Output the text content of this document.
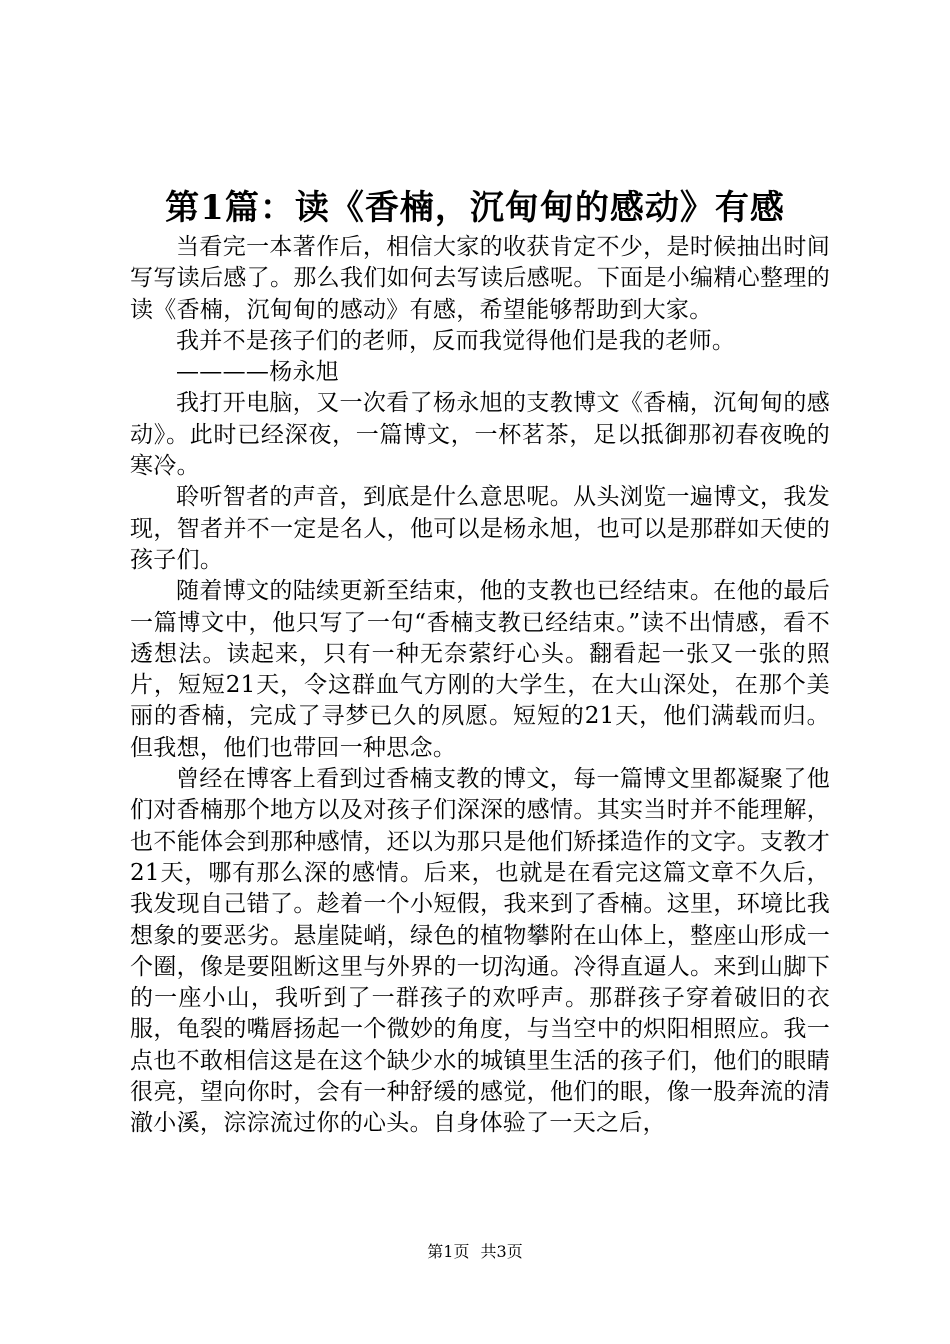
第1篇：读《香楠，沉甸甸的感动》有感

当看完一本著作后，相信大家的收获肯定不少，是时候抽出时间写写读后感了。那么我们如何去写读后感呢。下面是小编精心整理的读《香楠，沉甸甸的感动》有感，希望能够帮助到大家。

我并不是孩子们的老师，反而我觉得他们是我的老师。

————杨永旭

我打开电脑，又一次看了杨永旭的支教博文《香楠，沉甸甸的感动》。此时已经深夜，一篇博文，一杯茗茶，足以抵御那初春夜晚的寒冷。

聆听智者的声音，到底是什么意思呢。从头浏览一遍博文，我发现，智者并不一定是名人，他可以是杨永旭，也可以是那群如天使的孩子们。

随着博文的陆续更新至结束，他的支教也已经结束。在他的最后一篇博文中，他只写了一句“香楠支教已经结束。”读不出情感，看不透想法。读起来，只有一种无奈萦纡心头。翻看起一张又一张的照片，短短21天，令这群血气方刚的大学生，在大山深处，在那个美丽的香楠，完成了寻梦已久的夙愿。短短的21天，他们满载而归。但我想，他们也带回一种思念。

曾经在博客上看到过香楠支教的博文，每一篇博文里都凝聚了他们对香楠那个地方以及对孩子们深深的感情。其实当时并不能理解，也不能体会到那种感情，还以为那只是他们矫揉造作的文字。支教才21天，哪有那么深的感情。后来，也就是在看完这篇文章不久后，我发现自己错了。趁着一个小短假，我来到了香楠。这里，环境比我想象的要恶劣。悬崖陡峭，绿色的植物攀附在山体上，整座山形成一个圈，像是要阻断这里与外界的一切沟通。冷得直逼人。来到山脚下的一座小山，我听到了一群孩子的欢呼声。那群孩子穿着破旧的衣服，龟裂的嘴唇扬起一个微妙的角度，与当空中的炽阳相照应。我一点也不敢相信这是在这个缺少水的城镇里生活的孩子们，他们的眼睛很亮，望向你时，会有一种舒缓的感觉，他们的眼，像一股奔流的清澈小溪，淙淙流过你的心头。自身体验了一天之后，

第1页 共3页
